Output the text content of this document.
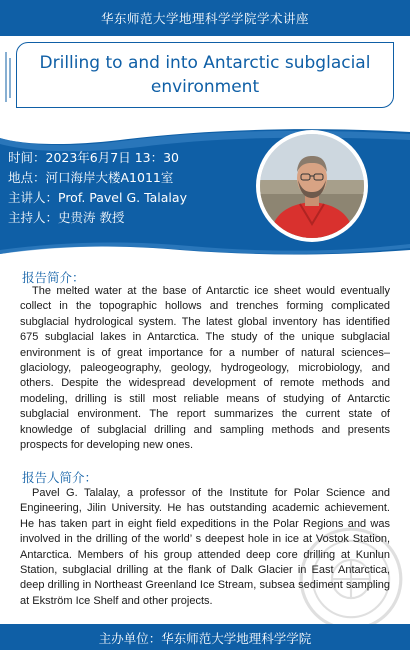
华东师范大学地理科学学院学术讲座
Drilling to and into Antarctic subglacial environment
时间：2023年6月7日 13：30
地点：河口海岸大楼A1011室
主讲人：Prof. Pavel G. Talalay
主持人：史贵涛 教授
报告简介：

The melted water at the base of Antarctic ice sheet would eventually collect in the topographic hollows and trenches forming complicated subglacial hydrological system. The latest global inventory has identified 675 subglacial lakes in Antarctica. The study of the unique subglacial environment is of great importance for a number of natural sciences–glaciology, paleogeography, geology, hydrogeology, microbiology, and others. Despite the widespread development of remote methods and modeling, drilling is still most reliable means of studying of Antarctic subglacial environment. The report summarizes the current state of knowledge of subglacial drilling and sampling methods and presents prospects for developing new ones.

报告人简介：

Pavel G. Talalay, a professor of the Institute for Polar Science and Engineering, Jilin University. He has outstanding academic achievement. He has taken part in eight field expeditions in the Polar Regions and was involved in the drilling of the world’ s deepest hole in ice at Vostok Station, Antarctica. Members of his group attended deep core drilling at Kunlun Station, subglacial drilling at the flank of Dalk Glacier in East Antarctica, deep drilling in Northeast Greenland Ice Stream, subsea sediment sampling at Ekström Ice Shelf and other projects.

主办单位：华东师范大学地理科学学院
